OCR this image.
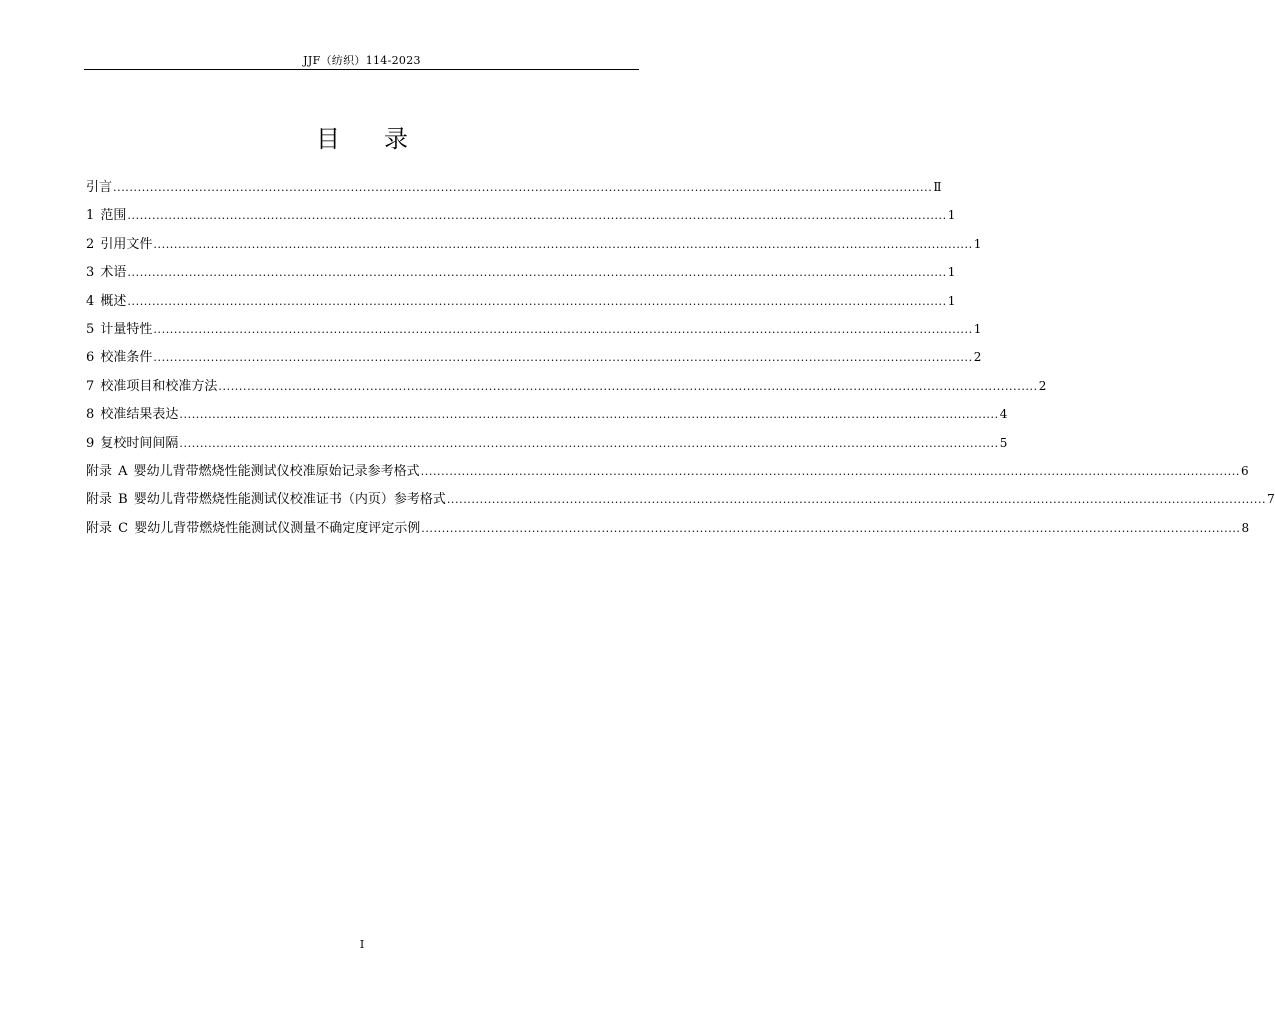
JJF（纺织）114-2023
目录
引言 ........................................................................................................................................................................................................ Ⅱ
1 范围 ........................................................................................................................................................................................................ 1
2 引用文件 ........................................................................................................................................................................................................ 1
3 术语 ........................................................................................................................................................................................................ 1
4 概述 ........................................................................................................................................................................................................ 1
5 计量特性 ........................................................................................................................................................................................................ 1
6 校准条件 ........................................................................................................................................................................................................ 2
7 校准项目和校准方法 ........................................................................................................................................................................................................ 2
8 校准结果表达 ........................................................................................................................................................................................................ 4
9 复校时间间隔 ........................................................................................................................................................................................................ 5
附录 A 婴幼儿背带燃烧性能测试仪校准原始记录参考格式 ........................................................................................................................................................................................................ 6
附录 B 婴幼儿背带燃烧性能测试仪校准证书（内页）参考格式 ........................................................................................................................................................................................................ 7
附录 C 婴幼儿背带燃烧性能测试仪测量不确定度评定示例 ........................................................................................................................................................................................................ 8
I
